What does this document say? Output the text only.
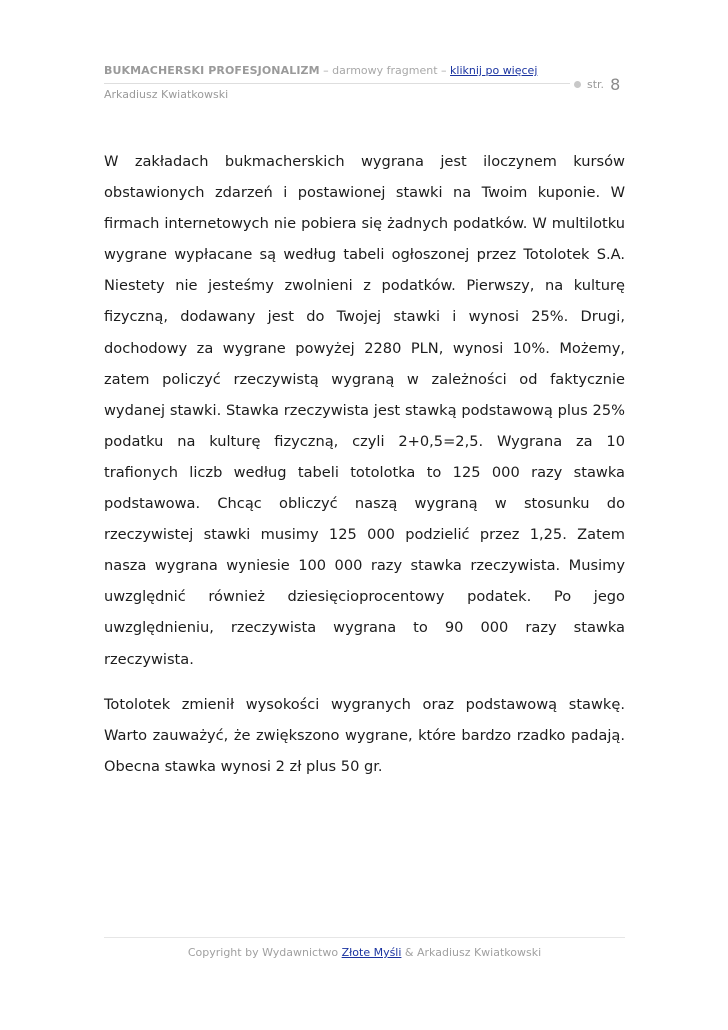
BUKMACHERSKI PROFESJONALIZM – darmowy fragment – kliknij po więcej
Arkadiusz Kwiatkowski
str. 8

W zakładach bukmacherskich wygrana jest iloczynem kursów obstawionych zdarzeń i postawionej stawki na Twoim kuponie. W firmach internetowych nie pobiera się żadnych podatków. W multilotku wygrane wypłacane są według tabeli ogłoszonej przez Totolotek S.A. Niestety nie jesteśmy zwolnieni z podatków. Pierwszy, na kulturę fizyczną, dodawany jest do Twojej stawki i wynosi 25%. Drugi, dochodowy za wygrane powyżej 2280 PLN, wynosi 10%. Możemy, zatem policzyć rzeczywistą wygraną w zależności od faktycznie wydanej stawki. Stawka rzeczywista jest stawką podstawową plus 25% podatku na kulturę fizyczną, czyli 2+0,5=2,5. Wygrana za 10 trafionych liczb według tabeli totolotka to 125 000 razy stawka podstawowa. Chcąc obliczyć naszą wygraną w stosunku do rzeczywistej stawki musimy 125 000 podzielić przez 1,25. Zatem nasza wygrana wyniesie 100 000 razy stawka rzeczywista. Musimy uwzględnić również dziesięcioprocentowy podatek. Po jego uwzględnieniu, rzeczywista wygrana to 90 000 razy stawka rzeczywista.

Totolotek zmienił wysokości wygranych oraz podstawową stawkę. Warto zauważyć, że zwiększono wygrane, które bardzo rzadko padają. Obecna stawka wynosi 2 zł plus 50 gr.

Copyright by Wydawnictwo Złote Myśli & Arkadiusz Kwiatkowski
